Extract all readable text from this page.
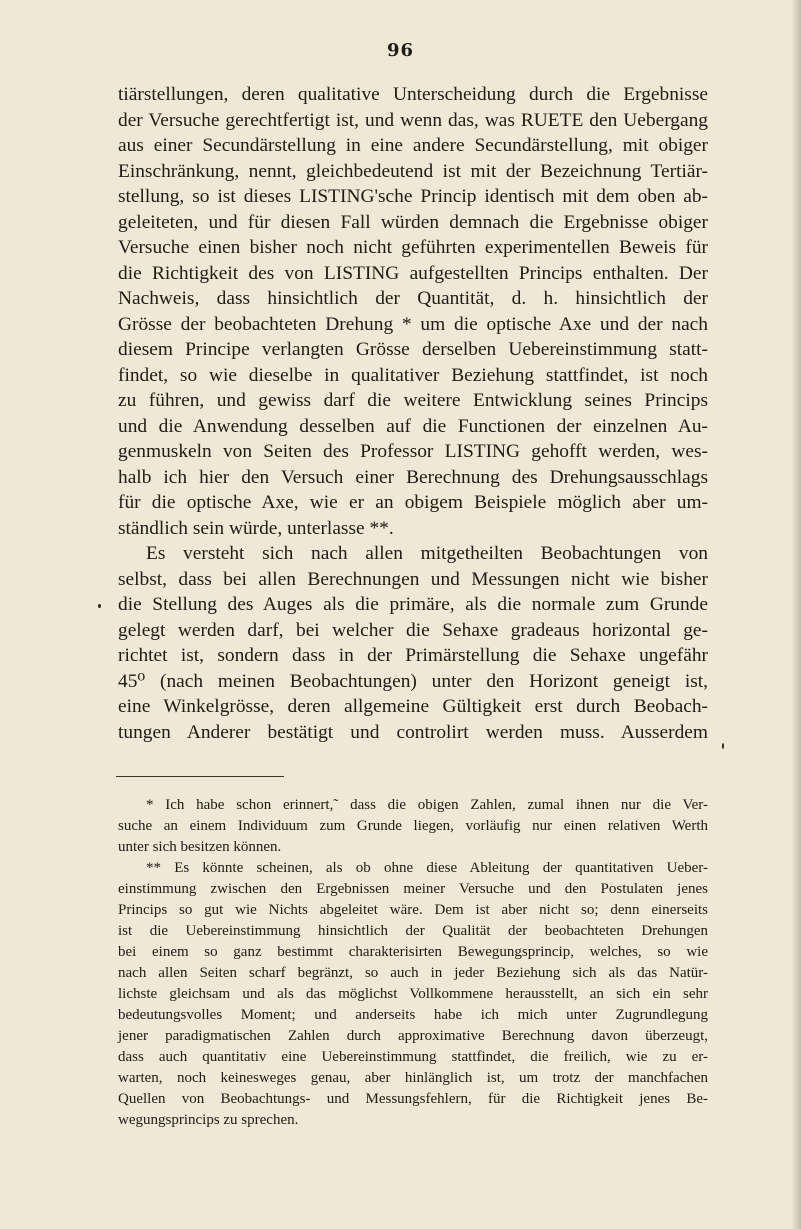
96
tiärstellungen, deren qualitative Unterscheidung durch die Ergebnisse
der Versuche gerechtfertigt ist, und wenn das, was RUETE den Uebergang
aus einer Secundärstellung in eine andere Secundärstellung, mit obiger
Einschränkung, nennt, gleichbedeutend ist mit der Bezeichnung Tertiär-
stellung, so ist dieses LISTING'sche Princip identisch mit dem oben ab-
geleiteten, und für diesen Fall würden demnach die Ergebnisse obiger
Versuche einen bisher noch nicht geführten experimentellen Beweis für
die Richtigkeit des von LISTING aufgestellten Princips enthalten. Der
Nachweis, dass hinsichtlich der Quantität, d. h. hinsichtlich der
Grösse der beobachteten Drehung * um die optische Axe und der nach
diesem Principe verlangten Grösse derselben Uebereinstimmung statt-
findet, so wie dieselbe in qualitativer Beziehung stattfindet, ist noch
zu führen, und gewiss darf die weitere Entwicklung seines Princips
und die Anwendung desselben auf die Functionen der einzelnen Au-
genmuskeln von Seiten des Professor LISTING gehofft werden, wes-
halb ich hier den Versuch einer Berechnung des Drehungsausschlags
für die optische Axe, wie er an obigem Beispiele möglich aber um-
ständlich sein würde, unterlasse **.
Es versteht sich nach allen mitgetheilten Beobachtungen von
selbst, dass bei allen Berechnungen und Messungen nicht wie bisher
die Stellung des Auges als die primäre, als die normale zum Grunde
gelegt werden darf, bei welcher die Sehaxe gradeaus horizontal ge-
richtet ist, sondern dass in der Primärstellung die Sehaxe ungefähr
45⁰ (nach meinen Beobachtungen) unter den Horizont geneigt ist,
eine Winkelgrösse, deren allgemeine Gültigkeit erst durch Beobach-
tungen Anderer bestätigt und controlirt werden muss. Ausserdem
* Ich habe schon erinnert,˜ dass die obigen Zahlen, zumal ihnen nur die Ver-
suche an einem Individuum zum Grunde liegen, vorläufig nur einen relativen Werth
unter sich besitzen können.
** Es könnte scheinen, als ob ohne diese Ableitung der quantitativen Ueber-
einstimmung zwischen den Ergebnissen meiner Versuche und den Postulaten jenes
Princips so gut wie Nichts abgeleitet wäre. Dem ist aber nicht so; denn einerseits
ist die Uebereinstimmung hinsichtlich der Qualität der beobachteten Drehungen
bei einem so ganz bestimmt charakterisirten Bewegungsprincip, welches, so wie
nach allen Seiten scharf begränzt, so auch in jeder Beziehung sich als das Natür-
lichste gleichsam und als das möglichst Vollkommene herausstellt, an sich ein sehr
bedeutungsvolles Moment; und anderseits habe ich mich unter Zugrundlegung
jener paradigmatischen Zahlen durch approximative Berechnung davon überzeugt,
dass auch quantitativ eine Uebereinstimmung stattfindet, die freilich, wie zu er-
warten, noch keinesweges genau, aber hinlänglich ist, um trotz der manchfachen
Quellen von Beobachtungs- und Messungsfehlern, für die Richtigkeit jenes Be-
wegungsprincips zu sprechen.
